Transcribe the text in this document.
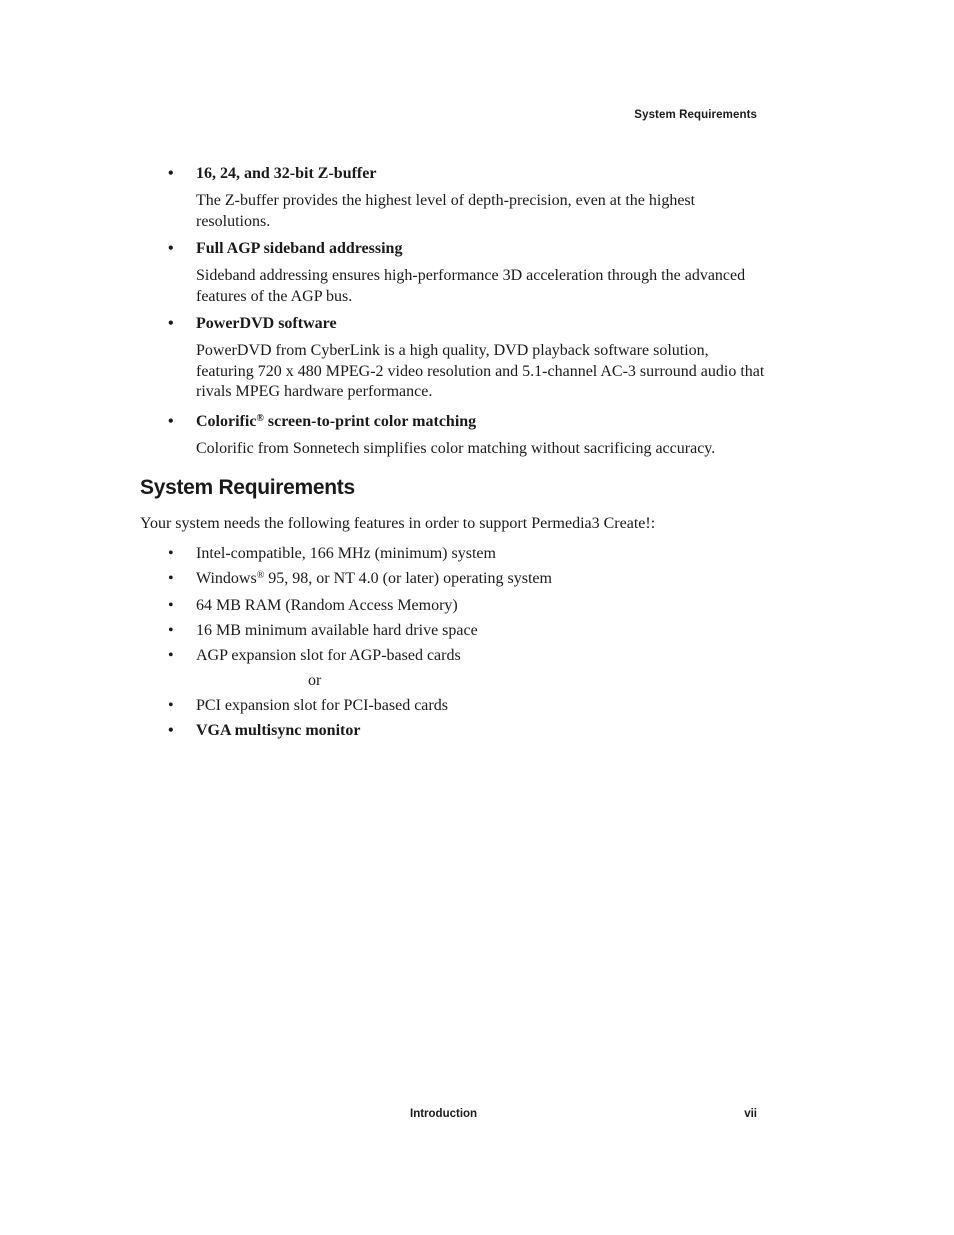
System Requirements
• 16, 24, and 32-bit Z-buffer
The Z-buffer provides the highest level of depth-precision, even at the highest resolutions.
• Full AGP sideband addressing
Sideband addressing ensures high-performance 3D acceleration through the advanced features of the AGP bus.
• PowerDVD software
PowerDVD from CyberLink is a high quality, DVD playback software solution, featuring 720 x 480 MPEG-2 video resolution and 5.1-channel AC-3 surround audio that rivals MPEG hardware performance.
• Colorific® screen-to-print color matching
Colorific from Sonnetech simplifies color matching without sacrificing accuracy.
System Requirements
Your system needs the following features in order to support Permedia3 Create!:
• Intel-compatible, 166 MHz (minimum) system
• Windows® 95, 98, or NT 4.0 (or later) operating system
• 64 MB RAM (Random Access Memory)
• 16 MB minimum available hard drive space
• AGP expansion slot for AGP-based cards
or
• PCI expansion slot for PCI-based cards
• VGA multisync monitor
Introduction	vii
